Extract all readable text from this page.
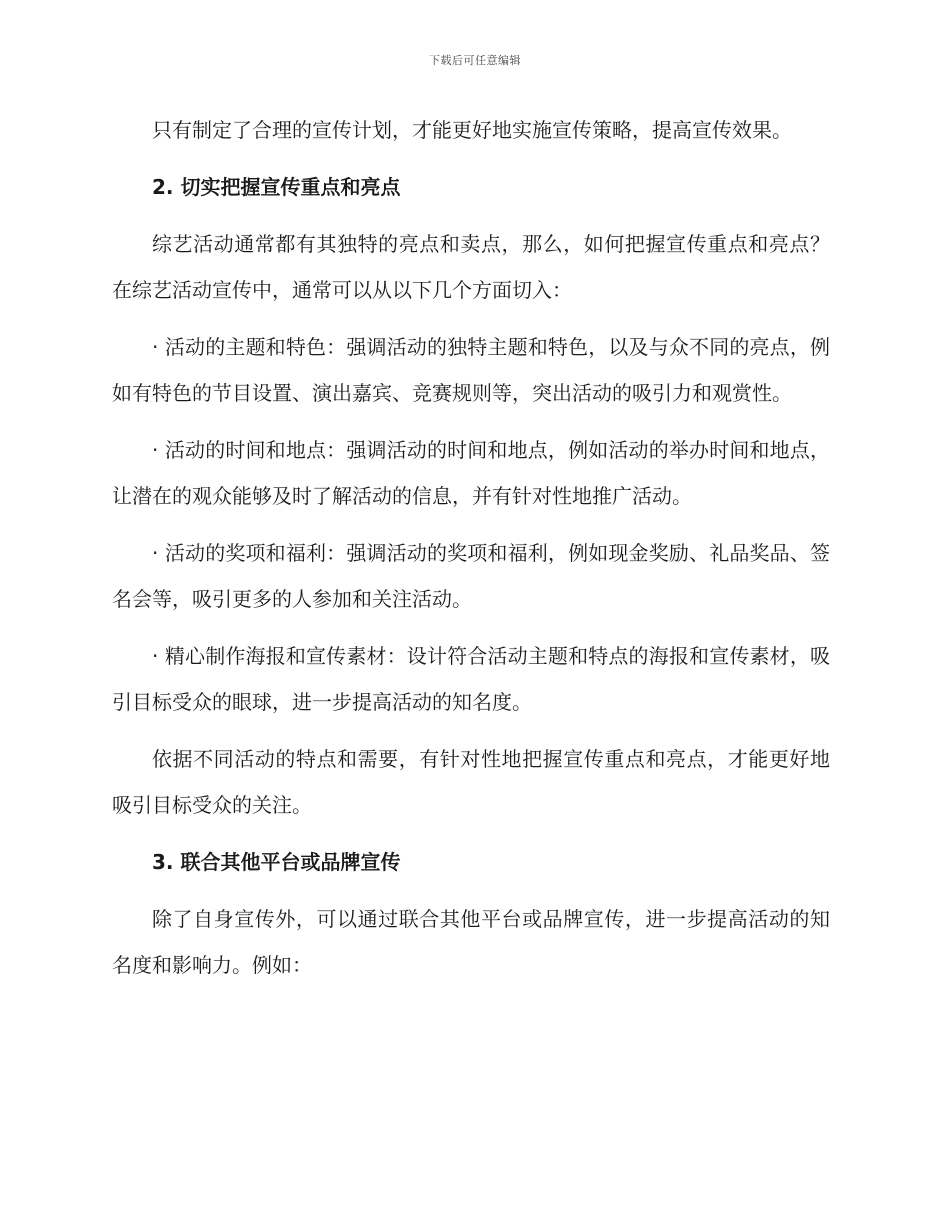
下载后可任意编辑

只有制定了合理的宣传计划，才能更好地实施宣传策略，提高宣传效果。

2. 切实把握宣传重点和亮点

综艺活动通常都有其独特的亮点和卖点，那么，如何把握宣传重点和亮点？在综艺活动宣传中，通常可以从以下几个方面切入：

· 活动的主题和特色：强调活动的独特主题和特色，以及与众不同的亮点，例如有特色的节目设置、演出嘉宾、竞赛规则等，突出活动的吸引力和观赏性。

· 活动的时间和地点：强调活动的时间和地点，例如活动的举办时间和地点，让潜在的观众能够及时了解活动的信息，并有针对性地推广活动。

· 活动的奖项和福利：强调活动的奖项和福利，例如现金奖励、礼品奖品、签名会等，吸引更多的人参加和关注活动。

· 精心制作海报和宣传素材：设计符合活动主题和特点的海报和宣传素材，吸引目标受众的眼球，进一步提高活动的知名度。

依据不同活动的特点和需要，有针对性地把握宣传重点和亮点，才能更好地吸引目标受众的关注。

3. 联合其他平台或品牌宣传

除了自身宣传外，可以通过联合其他平台或品牌宣传，进一步提高活动的知名度和影响力。例如：
